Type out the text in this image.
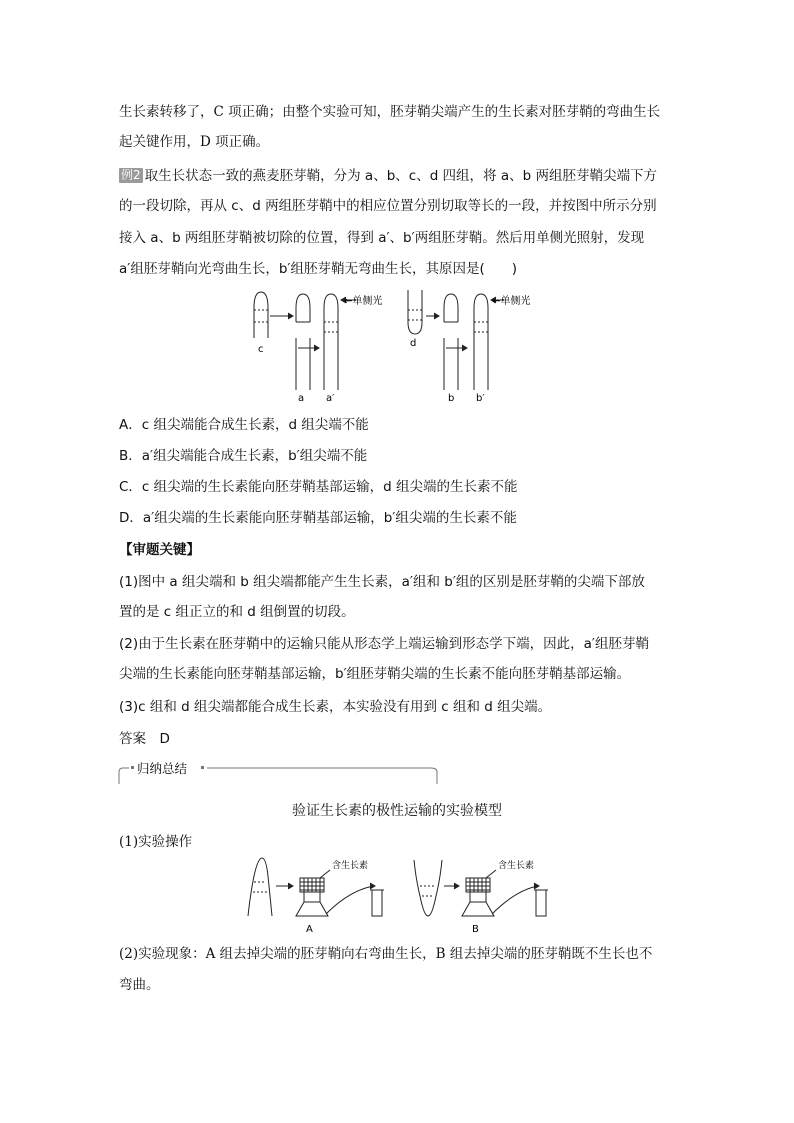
生长素转移了，C 项正确；由整个实验可知，胚芽鞘尖端产生的生长素对胚芽鞘的弯曲生长
起关键作用，D 项正确。
例2 取生长状态一致的燕麦胚芽鞘，分为 a、b、c、d 四组，将 a、b 两组胚芽鞘尖端下方
的一段切除，再从 c、d 两组胚芽鞘中的相应位置分别切取等长的一段，并按图中所示分别
接入 a、b 两组胚芽鞘被切除的位置，得到 a′、b′两组胚芽鞘。然后用单侧光照射，发现
a′组胚芽鞘向光弯曲生长，b′组胚芽鞘无弯曲生长，其原因是(　　)
←单侧光	←单侧光
c
a a′
d
b b′
A．c 组尖端能合成生长素，d 组尖端不能
B．a′组尖端能合成生长素，b′组尖端不能
C．c 组尖端的生长素能向胚芽鞘基部运输，d 组尖端的生长素不能
D．a′组尖端的生长素能向胚芽鞘基部运输，b′组尖端的生长素不能
【审题关键】
(1)图中 a 组尖端和 b 组尖端都能产生生长素，a′组和 b′组的区别是胚芽鞘的尖端下部放
置的是 c 组正立的和 d 组倒置的切段。
(2)由于生长素在胚芽鞘中的运输只能从形态学上端运输到形态学下端，因此，a′组胚芽鞘
尖端的生长素能向胚芽鞘基部运输，b′组胚芽鞘尖端的生长素不能向胚芽鞘基部运输。
(3)c 组和 d 组尖端都能合成生长素，本实验没有用到 c 组和 d 组尖端。
答案　D
归纳总结
验证生长素的极性运输的实验模型
(1)实验操作
含生长素	含生长素
A	B
(2)实验现象：A 组去掉尖端的胚芽鞘向右弯曲生长，B 组去掉尖端的胚芽鞘既不生长也不
弯曲。
